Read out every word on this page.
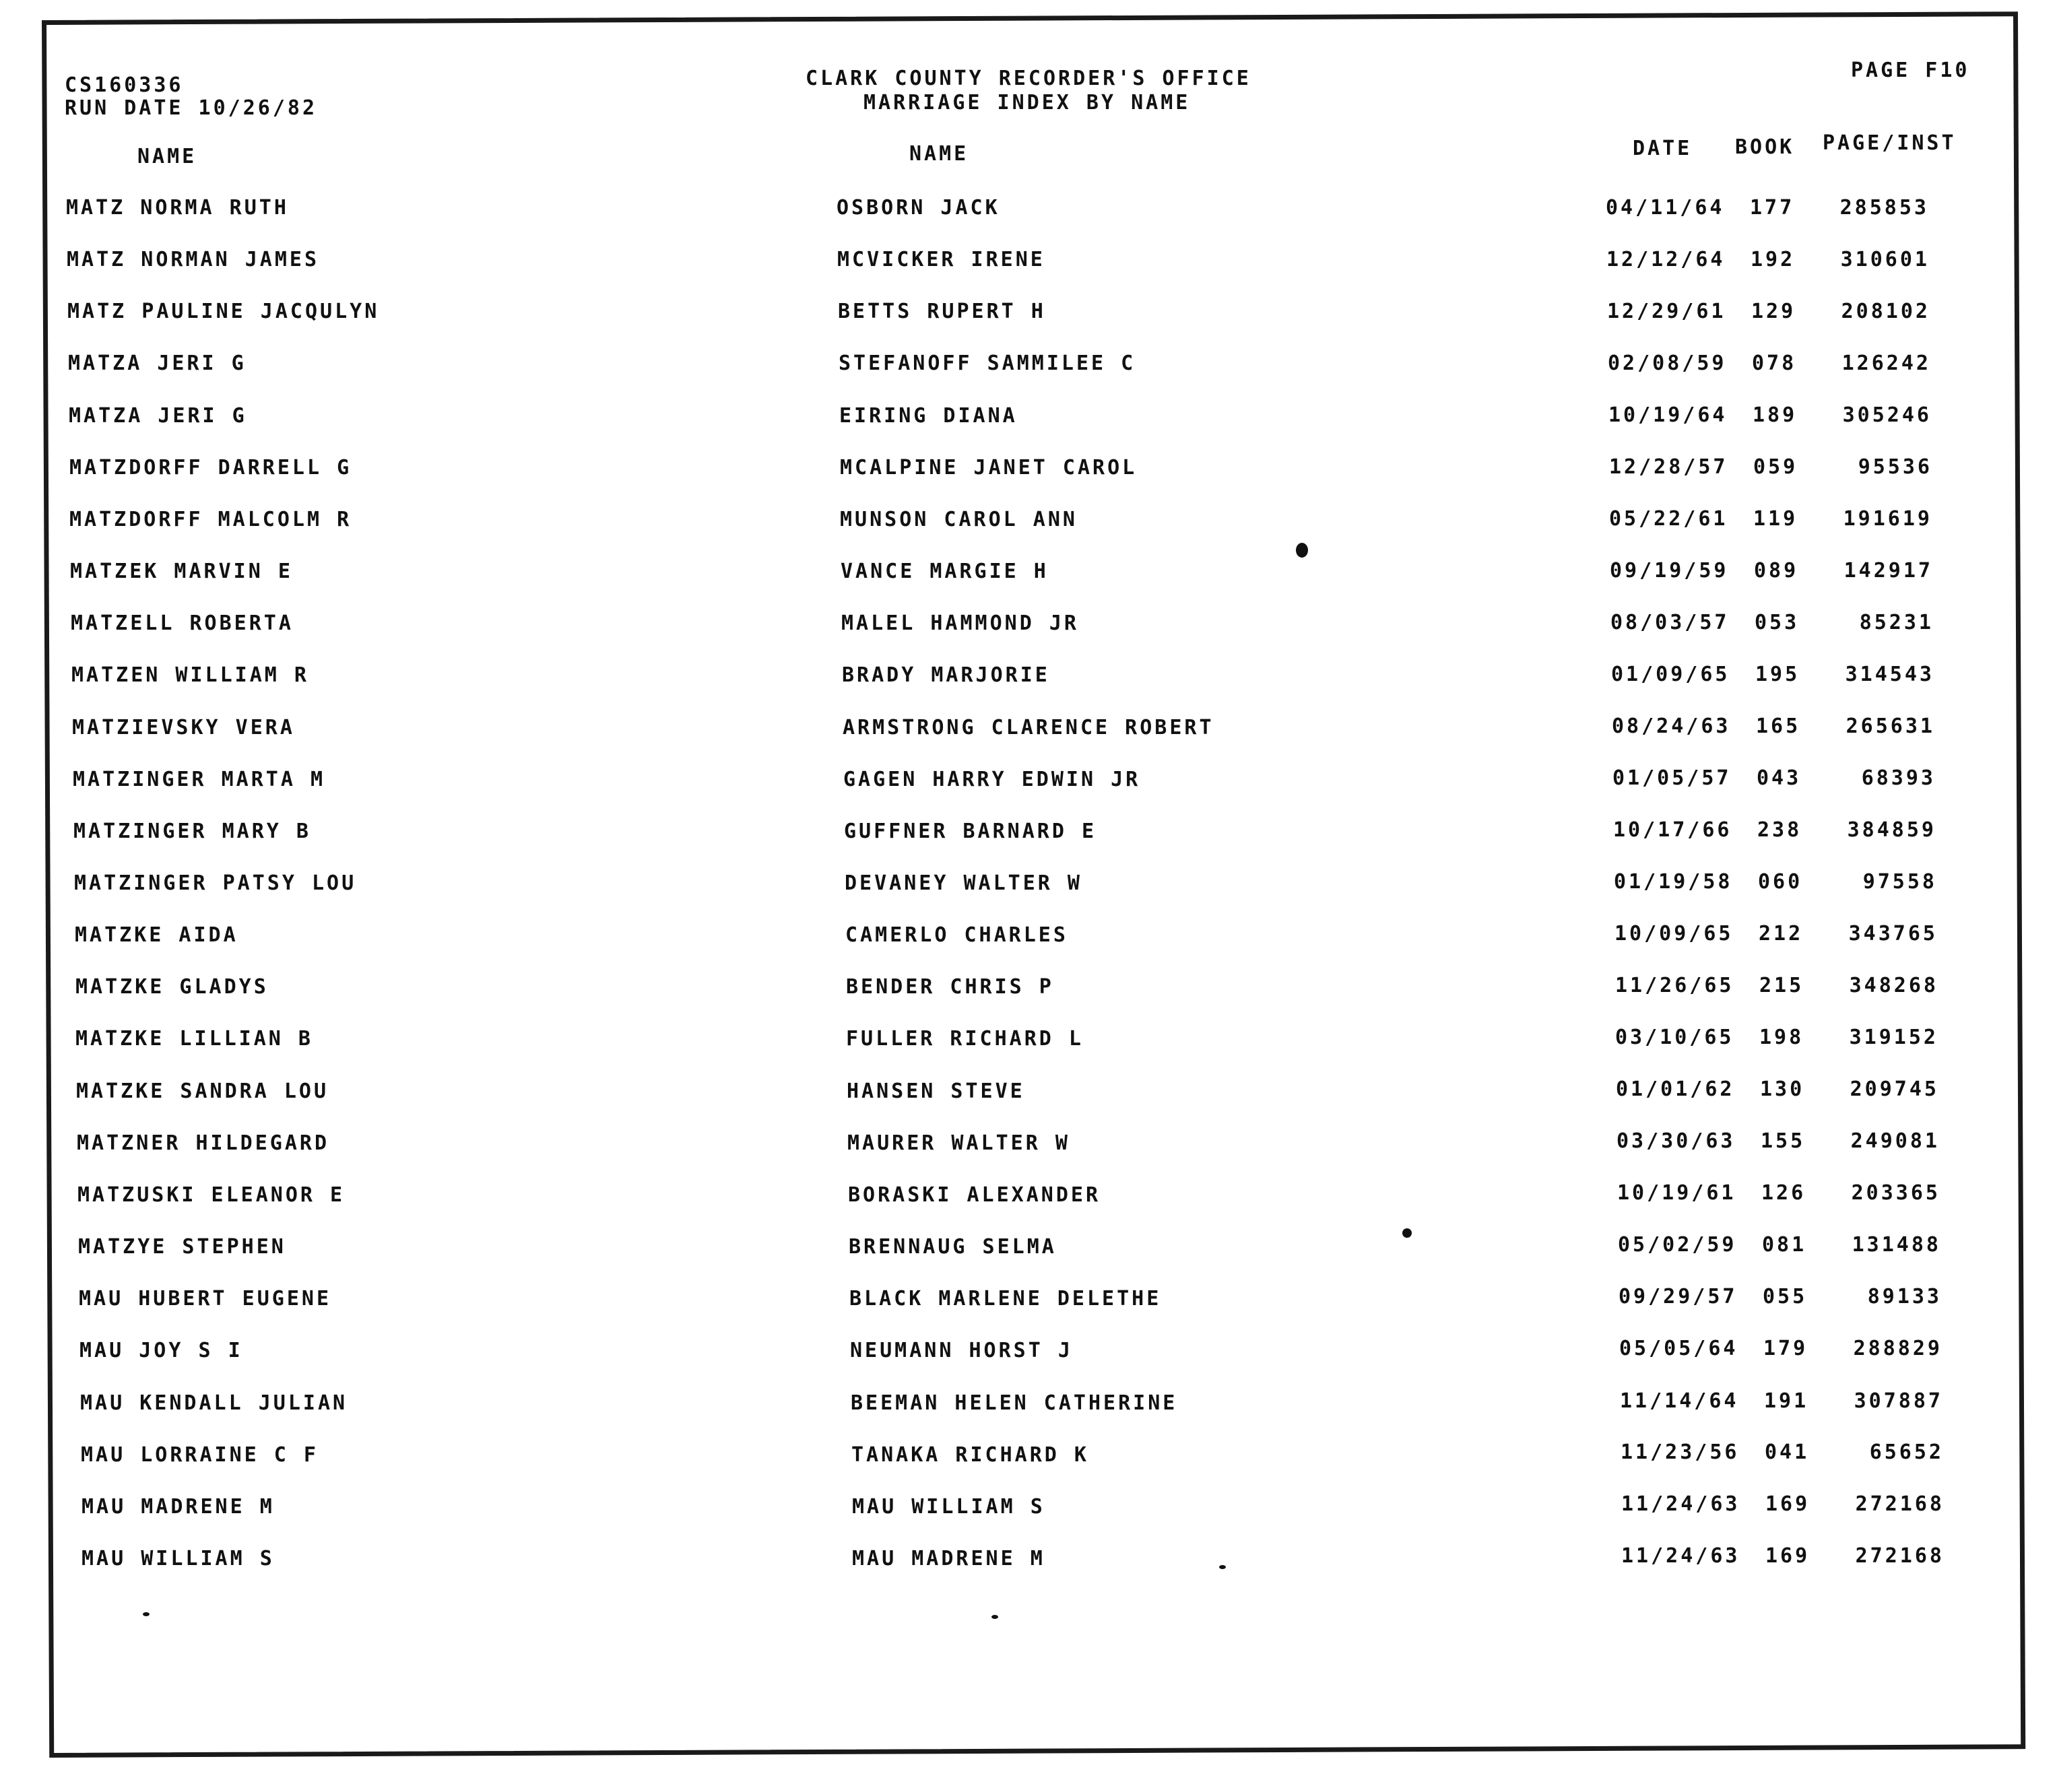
CS160336
RUN DATE 10/26/82
CLARK COUNTY RECORDER'S OFFICE
MARRIAGE INDEX BY NAME
PAGE F10
NAME	NAME	DATE BOOK PAGE/INST
MATZ NORMA RUTH	OSBORN JACK	04/11/64 177 285853
MATZ NORMAN JAMES	MCVICKER IRENE	12/12/64 192 310601
MATZ PAULINE JACQULYN	BETTS RUPERT H	12/29/61 129 208102
MATZA JERI G	STEFANOFF SAMMILEE C	02/08/59 078 126242
MATZA JERI G	EIRING DIANA	10/19/64 189 305246
MATZDORFF DARRELL G	MCALPINE JANET CAROL	12/28/57 059	95536
MATZDORFF MALCOLM R	MUNSON CAROL ANN	05/22/61 119 191619
MATZEK MARVIN E	VANCE MARGIE H	09/19/59 089 142917
MATZELL ROBERTA	MALEL HAMMOND JR	08/03/57 053	85231
MATZEN WILLIAM R	BRADY MARJORIE	01/09/65 195 314543
MATZIEVSKY VERA	ARMSTRONG CLARENCE ROBERT	08/24/63 165 265631
MATZINGER MARTA M	GAGEN HARRY EDWIN JR	01/05/57 043	68393
MATZINGER MARY B	GUFFNER BARNARD E	10/17/66 238 384859
MATZINGER PATSY LOU	DEVANEY WALTER W	01/19/58 060	97558
MATZKE AIDA	CAMERLO CHARLES	10/09/65 212 343765
MATZKE GLADYS	BENDER CHRIS P	11/26/65 215 348268
MATZKE LILLIAN B	FULLER RICHARD L	03/10/65 198 319152
MATZKE SANDRA LOU	HANSEN STEVE	01/01/62 130 209745
MATZNER HILDEGARD	MAURER WALTER W	03/30/63 155 249081
MATZUSKI ELEANOR E	BORASKI ALEXANDER	10/19/61 126 203365
MATZYE STEPHEN	BRENNAUG SELMA	05/02/59 081 131488
MAU HUBERT EUGENE	BLACK MARLENE DELETHE	09/29/57 055	89133
MAU JOY S I	NEUMANN HORST J	05/05/64 179 288829
MAU KENDALL JULIAN	BEEMAN HELEN CATHERINE	11/14/64 191 307887
MAU LORRAINE C F	TANAKA RICHARD K	11/23/56 041	65652
MAU MADRENE M	MAU WILLIAM S	11/24/63 169 272168
MAU WILLIAM S	MAU MADRENE M	11/24/63 169 272168
